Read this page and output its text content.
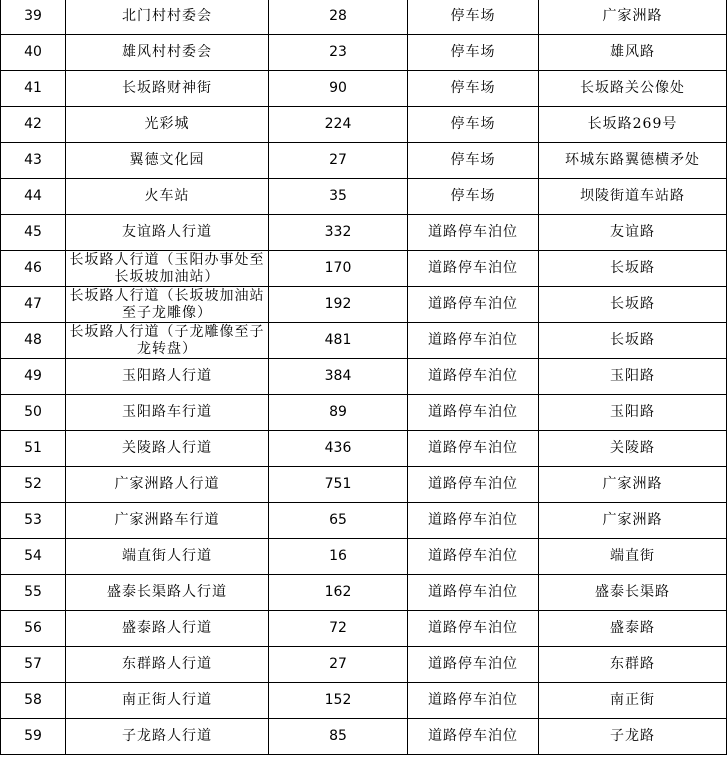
39	北门村村委会	28	停车场	广家洲路
40	雄风村村委会	23	停车场	雄风路
41	长坂路财神街	90	停车场	长坂路关公像处
42	光彩城	224	停车场	长坂路269号
43	翼德文化园	27	停车场	环城东路翼德横矛处
44	火车站	35	停车场	坝陵街道车站路
45	友谊路人行道	332	道路停车泊位	友谊路
46	长坂路人行道（玉阳办事处至长坂坡加油站）	170	道路停车泊位	长坂路
47	长坂路人行道（长坂坡加油站至子龙雕像）	192	道路停车泊位	长坂路
48	长坂路人行道（子龙雕像至子龙转盘）	481	道路停车泊位	长坂路
49	玉阳路人行道	384	道路停车泊位	玉阳路
50	玉阳路车行道	89	道路停车泊位	玉阳路
51	关陵路人行道	436	道路停车泊位	关陵路
52	广家洲路人行道	751	道路停车泊位	广家洲路
53	广家洲路车行道	65	道路停车泊位	广家洲路
54	端直街人行道	16	道路停车泊位	端直街
55	盛泰长渠路人行道	162	道路停车泊位	盛泰长渠路
56	盛泰路人行道	72	道路停车泊位	盛泰路
57	东群路人行道	27	道路停车泊位	东群路
58	南正街人行道	152	道路停车泊位	南正街
59	子龙路人行道	85	道路停车泊位	子龙路
